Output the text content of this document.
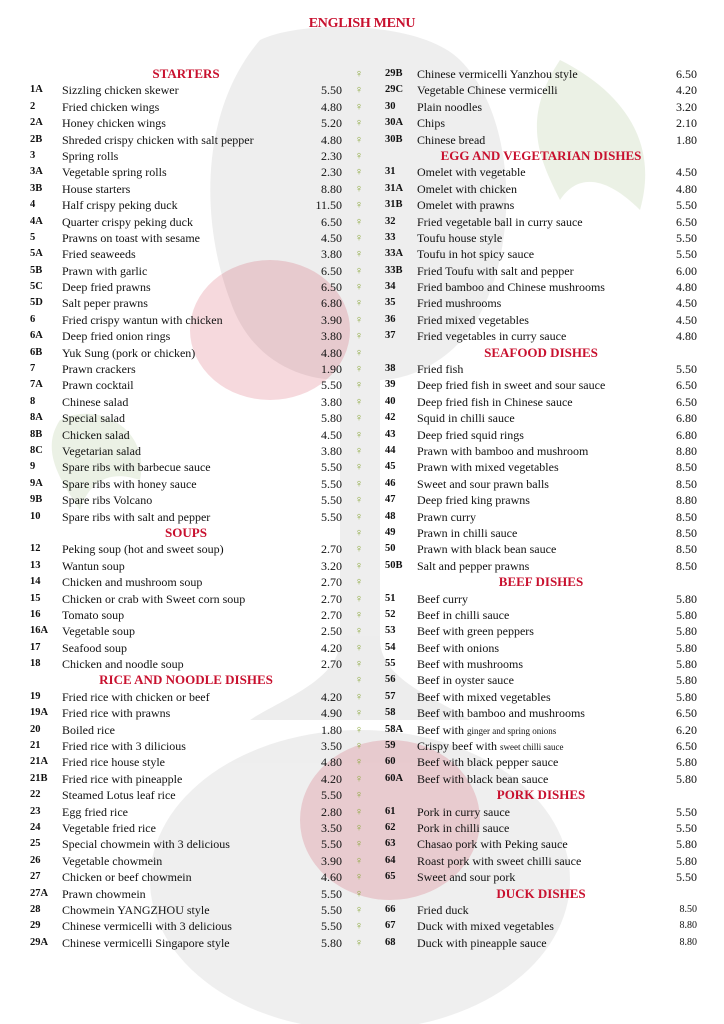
ENGLISH MENU
STARTERS
1A	Sizzling chicken skewer	5.50
2	Fried chicken wings	4.80
2A	Honey chicken wings	5.20
2B	Shreded crispy chicken with salt pepper	4.80
3	Spring rolls	2.30
3A	Vegetable spring rolls	2.30
3B	House starters	8.80
4	Half crispy peking duck	11.50
4A	Quarter crispy peking duck	6.50
5	Prawns on toast with sesame	4.50
5A	Fried seaweeds	3.80
5B	Prawn with garlic	6.50
5C	Deep fried prawns	6.50
5D	Salt peper prawns	6.80
6	Fried crispy wantun with chicken	3.90
6A	Deep fried onion rings	3.80
6B	Yuk Sung (pork or chicken)	4.80
7	Prawn crackers	1.90
7A	Prawn cocktail	5.50
8	Chinese salad	3.80
8A	Special salad	5.80
8B	Chicken salad	4.50
8C	Vegetarian salad	3.80
9	Spare ribs with barbecue sauce	5.50
9A	Spare ribs with honey sauce	5.50
9B	Spare ribs Volcano	5.50
10	Spare ribs with salt and pepper	5.50
SOUPS
12	Peking soup (hot and sweet soup)	2.70
13	Wantun soup	3.20
14	Chicken and mushroom soup	2.70
15	Chicken or crab with Sweet corn soup	2.70
16	Tomato soup	2.70
16A	Vegetable soup	2.50
17	Seafood soup	4.20
18	Chicken and noodle soup	2.70
RICE AND NOODLE DISHES
19	Fried rice with chicken or beef	4.20
19A	Fried rice with prawns	4.90
20	Boiled rice	1.80
21	Fried rice with 3 dilicious	3.50
21A	Fried rice house style	4.80
21B	Fried rice with pineapple	4.20
22	Steamed Lotus leaf rice	5.50
23	Egg fried rice	2.80
24	Vegetable fried rice	3.50
25	Special chowmein with 3 delicious	5.50
26	Vegetable chowmein	3.90
27	Chicken or beef chowmein	4.60
27A	Prawn chowmein	5.50
28	Chowmein YANGZHOU style	5.50
29	Chinese vermicelli with 3 delicious	5.50
29A	Chinese vermicelli Singapore style	5.80
♀
♀
♀
♀
♀
♀
♀
♀
♀
♀
♀
♀
♀
♀
♀
♀
♀
♀
♀
♀
♀
♀
♀
♀
♀
♀
♀
♀
♀
♀
♀
♀
♀
♀
♀
♀
♀
♀
♀
♀
♀
♀
♀
♀
♀
♀
♀
♀
♀
♀
♀
♀
♀
♀
29B	Chinese vermicelli Yanzhou style	6.50
29C	Vegetable Chinese vermicelli	4.20
30	Plain noodles	3.20
30A	Chips	2.10
30B	Chinese bread	1.80
EGG AND VEGETARIAN DISHES
31	Omelet with vegetable	4.50
31A	Omelet with chicken	4.80
31B	Omelet with prawns	5.50
32	Fried vegetable ball in curry sauce	6.50
33	Toufu house style	5.50
33A	Toufu in hot spicy sauce	5.50
33B	Fried Toufu with salt and pepper	6.00
34	Fried bamboo and Chinese mushrooms	4.80
35	Fried mushrooms	4.50
36	Fried mixed vegetables	4.50
37	Fried vegetables in curry sauce	4.80
SEAFOOD DISHES
38	Fried fish	5.50
39	Deep fried fish in sweet and sour sauce	6.50
40	Deep fried fish in Chinese sauce	6.50
42	Squid in chilli sauce	6.80
43	Deep fried squid rings	6.80
44	Prawn with bamboo and mushroom	8.80
45	Prawn with mixed vegetables	8.50
46	Sweet and sour prawn balls	8.50
47	Deep fried king prawns	8.80
48	Prawn curry	8.50
49	Prawn in chilli sauce	8.50
50	Prawn with black bean sauce	8.50
50B	Salt and pepper prawns	8.50
BEEF DISHES
51	Beef curry	5.80
52	Beef in chilli sauce	5.80
53	Beef with green peppers	5.80
54	Beef with onions	5.80
55	Beef with mushrooms	5.80
56	Beef in oyster sauce	5.80
57	Beef with mixed vegetables	5.80
58	Beef with bamboo and mushrooms	6.50
58A	Beef with ginger and spring onions	6.20
59	Crispy beef with sweet chilli sauce	6.50
60	Beef with black pepper sauce	5.80
60A	Beef with black bean sauce	5.80
PORK DISHES
61	Pork in curry sauce	5.50
62	Pork in chilli sauce	5.50
63	Chasao pork with Peking sauce	5.80
64	Roast pork with sweet chilli sauce	5.80
65	Sweet and sour pork	5.50
DUCK DISHES
66	Fried duck	8.50
67	Duck with mixed vegetables	8.80
68	Duck with pineapple sauce	8.80
